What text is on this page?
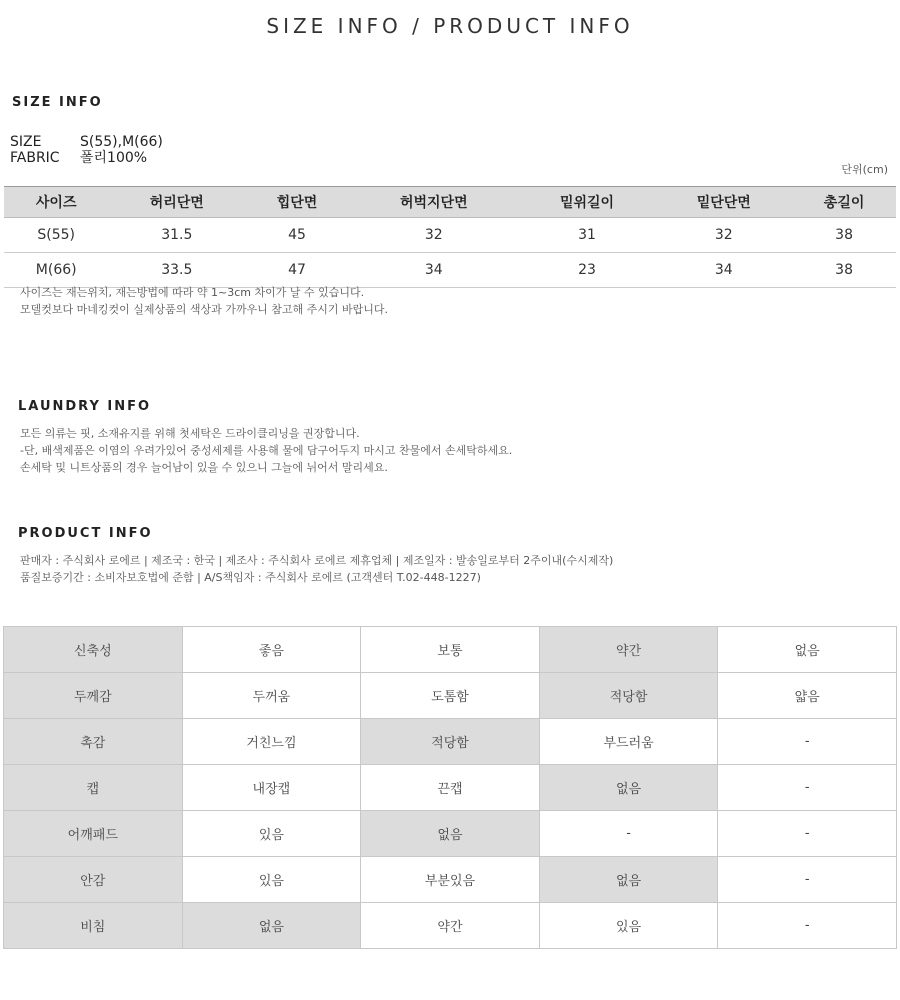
SIZE INFO / PRODUCT INFO
SIZE INFO
SIZE	S(55),M(66)
FABRIC	폴리100%
단위(cm)
사이즈	허리단면	힙단면	허벅지단면	밑위길이	밑단단면	총길이
S(55)	31.5	45	32	31	32	38
M(66)	33.5	47	34	23	34	38
사이즈는 재는위치, 재는방법에 따라 약 1~3cm 차이가 날 수 있습니다.
모델컷보다 마네킹컷이 실제상품의 색상과 가까우니 참고해 주시기 바랍니다.
LAUNDRY INFO
모든 의류는 핏, 소재유지를 위해 첫세탁은 드라이클리닝을 권장합니다.
-단, 배색제품은 이염의 우려가있어 중성세제를 사용해 물에 담구어두지 마시고 찬물에서 손세탁하세요.
손세탁 및 니트상품의 경우 늘어남이 있을 수 있으니 그늘에 뉘어서 말리세요.
PRODUCT INFO
판매자 : 주식회사 로에르 | 제조국 : 한국 | 제조사 : 주식회사 로에르 제휴업체 | 제조일자 : 발송일로부터 2주이내(수시제작)
품질보증기간 : 소비자보호법에 준함 | A/S책임자 : 주식회사 로에르 (고객센터 T.02-448-1227)
신축성	좋음	보통	약간	없음
두께감	두꺼움	도톰함	적당함	얇음
촉감	거친느낌	적당함	부드러움	-
캡	내장캡	끈캡	없음	-
어깨패드	있음	없음	-	-
안감	있음	부분있음	없음	-
비침	없음	약간	있음	-
